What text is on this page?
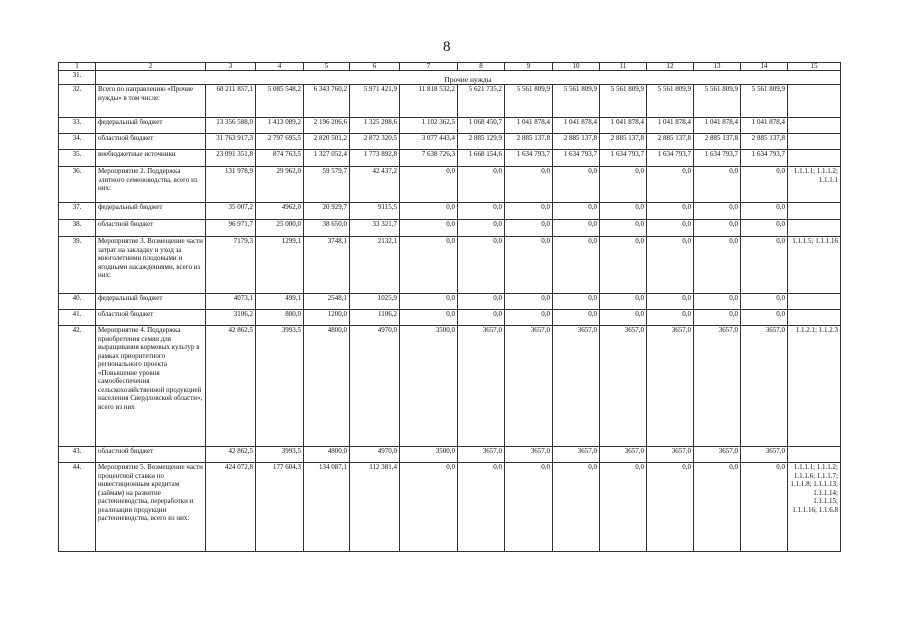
8
1	2	3	4	5	6	7	8	9	10	11	12	13	14	15
31.	Прочие нужды													
32.	Всего по направлению «Прочие нужды» в том числе:	68 211 857,1	5 085 548,2	6 343 760,2	5 971 421,9	11 818 532,2	5 621 735,2	5 561 809,9	5 561 809,9	5 561 809,9	5 561 809,9	5 561 809,9	5 561 809,9	
33.	федеральный бюджет	13 356 588,0	1 413 089,2	2 196 206,6	1 325 208,6	1 102 362,5	1 068 450,7	1 041 878,4	1 041 878,4	1 041 878,4	1 041 878,4	1 041 878,4	1 041 878,4	
34.	областной бюджет	31 763 917,3	2 797 695,5	2 820 501,2	2 872 320,5	3 077 443,4	2 885 129,9	2 885 137,8	2 885 137,8	2 885 137,8	2 885 137,8	2 885 137,8	2 885 137,8	
35.	внебюджетные источники	23 091 351,8	874 763,5	1 327 052,4	1 773 892,8	7 638 726,3	1 668 154,6	1 634 793,7	1 634 793,7	1 634 793,7	1 634 793,7	1 634 793,7	1 634 793,7	
36.	Мероприятие 2. Поддержка элитного семеноводства, всего из них:	131 978,9	29 962,0	59 579,7	42 437,2	0,0	0,0	0,0	0,0	0,0	0,0	0,0	0,0	1.1.1.1; 1.1.1.2; 1.1.1.1
37.	федеральный бюджет	35 007,2	4962,0	20 929,7	9115,5	0,0	0,0	0,0	0,0	0,0	0,0	0,0	0,0	
38.	областной бюджет	96 971,7	25 000,0	38 650,0	33 321,7	0,0	0,0	0,0	0,0	0,0	0,0	0,0	0,0	
39.	Мероприятие 3. Возмещение части затрат на закладку и уход за многолетними плодовыми и ягодными насаждениями, всего из них:	7179,3	1299,1	3748,1	2132,1	0,0	0,0	0,0	0,0	0,0	0,0	0,0	0,0	1.1.1.5; 1.1.1.16
40.	федеральный бюджет	4073,1	499,1	2548,1	1025,9	0,0	0,0	0,0	0,0	0,0	0,0	0,0	0,0	
41.	областной бюджет	3106,2	800,0	1200,0	1106,2	0,0	0,0	0,0	0,0	0,0	0,0	0,0	0,0	
42.	Мероприятие 4. Поддержка приобретения семян для выращивания кормовых культур в рамках приоритетного регионального проекта «Повышение уровня самообеспечения сельскохозяйственной продукцией населения Свердловской области», всего из них	42 862,5	3993,5	4800,0	4970,0	3500,0	3657,0	3657,0	3657,0	3657,0	3657,0	3657,0	3657,0	1.1.2.1; 1.1.2.3
43.	областной бюджет	42 862,5	3993,5	4800,0	4970,0	3500,0	3657,0	3657,0	3657,0	3657,0	3657,0	3657,0	3657,0	
44.	Мероприятие 5. Возмещение части процентной ставки по инвестиционным кредитам (займам) на развитие растениеводства, переработки и реализации продукции растениеводства, всего из них:	424 072,8	177 604,3	134 087,1	112 381,4	0,0	0,0	0,0	0,0	0,0	0,0	0,0	0,0	1.1.1.1; 1.1.1.2; 1.1.1.6; 1.1.1.7; 1.1.1.8; 1.1.1.13; 1.1.1.14; 1.1.1.15; 1.1.1.16; 1.1.6.8
